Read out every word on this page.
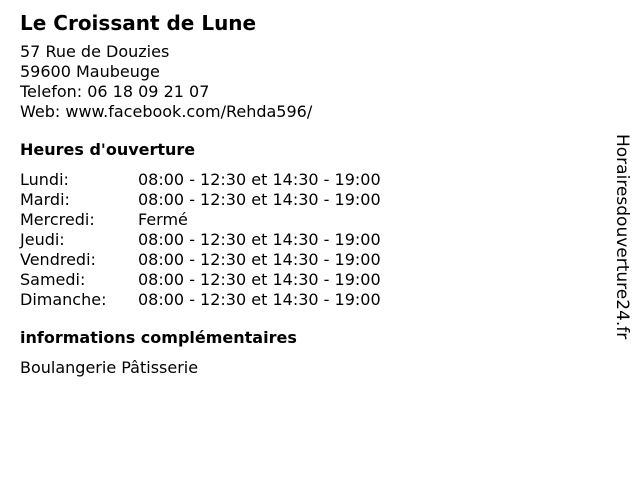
Le Croissant de Lune
57 Rue de Douzies
59600 Maubeuge
Telefon: 06 18 09 21 07
Web: www.facebook.com/Rehda596/
Heures d'ouverture
Lundi:	08:00 - 12:30 et 14:30 - 19:00
Mardi:	08:00 - 12:30 et 14:30 - 19:00
Mercredi:	Fermé
Jeudi:	08:00 - 12:30 et 14:30 - 19:00
Vendredi:	08:00 - 12:30 et 14:30 - 19:00
Samedi:	08:00 - 12:30 et 14:30 - 19:00
Dimanche:	08:00 - 12:30 et 14:30 - 19:00
informations complémentaires
Boulangerie Pâtisserie
Horairesdouverture24.fr
